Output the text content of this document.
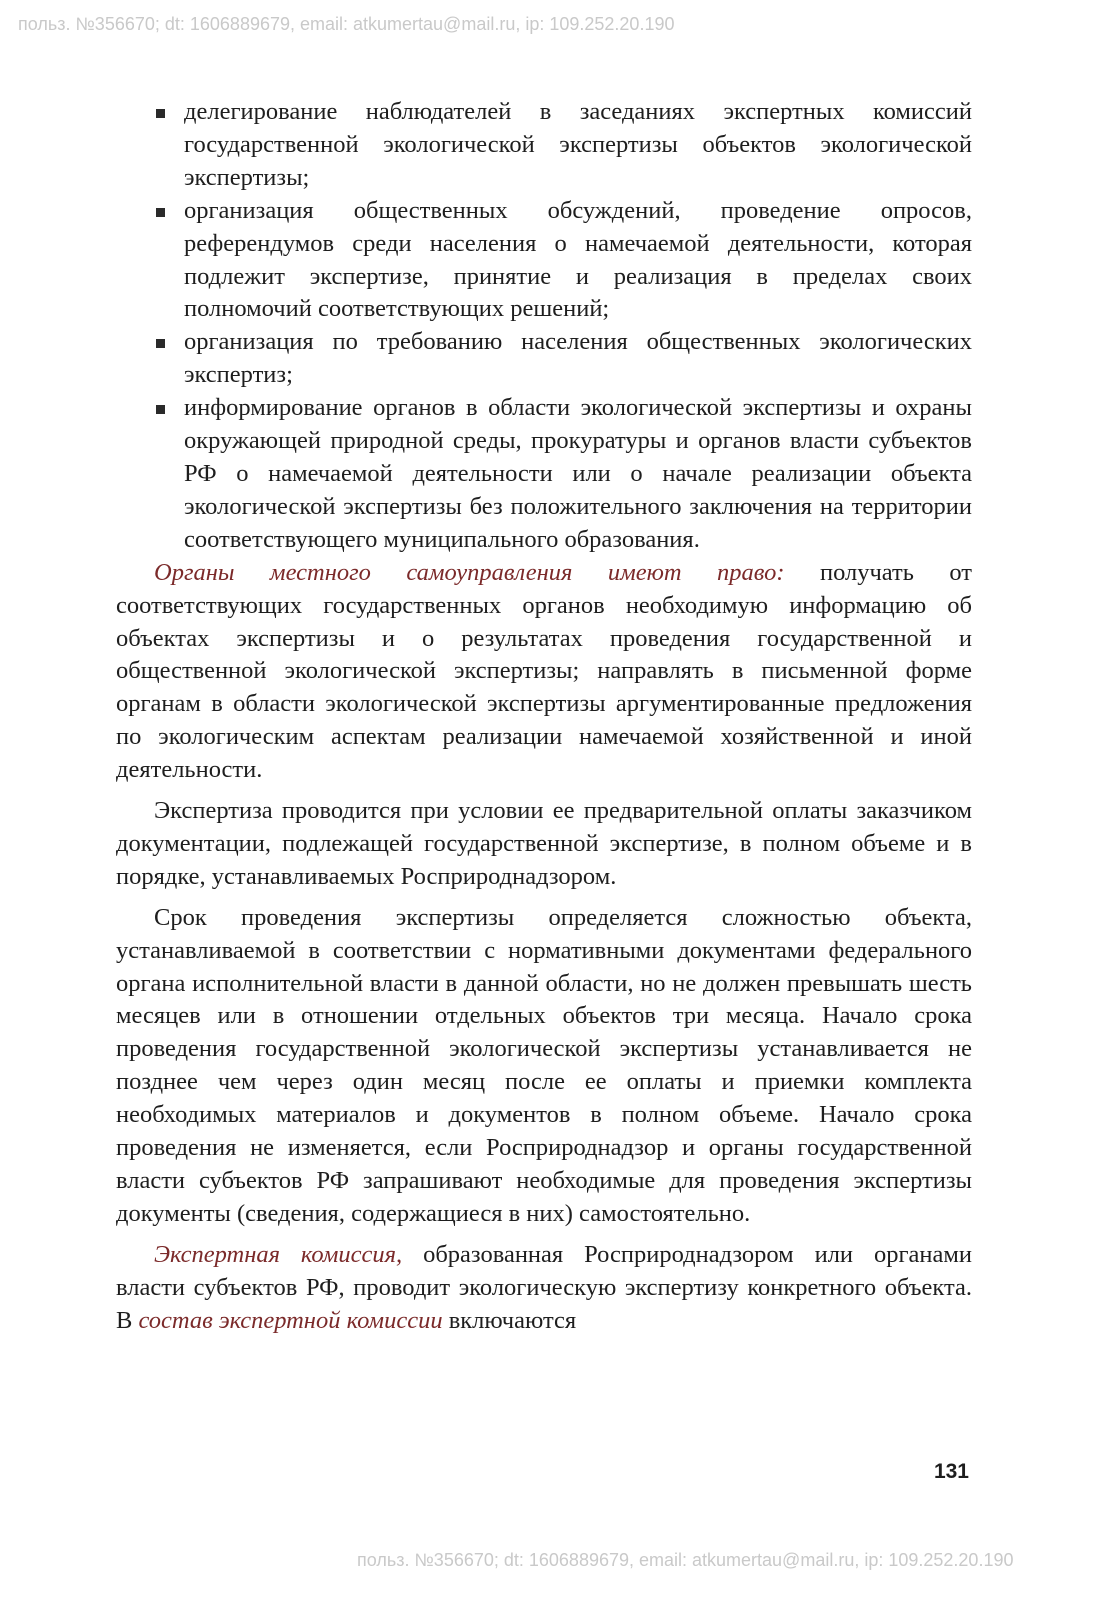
польз. №356670; dt: 1606889679, email: atkumertau@mail.ru, ip: 109.252.20.190
делегирование наблюдателей в заседаниях экспертных комиссий государственной экологической экспертизы объектов экологической экспертизы;
организация общественных обсуждений, проведение опросов, референдумов среди населения о намечаемой деятельности, которая подлежит экспертизе, принятие и реализация в пределах своих полномочий соответствующих решений;
организация по требованию населения общественных экологических экспертиз;
информирование органов в области экологической экспертизы и охраны окружающей природной среды, прокуратуры и органов власти субъектов РФ о намечаемой деятельности или о начале реализации объекта экологической экспертизы без положительного заключения на территории соответствующего муниципального образования.

Органы местного самоуправления имеют право: получать от соответствующих государственных органов необходимую информацию об объектах экспертизы и о результатах проведения государственной и общественной экологической экспертизы; направлять в письменной форме органам в области экологической экспертизы аргументированные предложения по экологическим аспектам реализации намечаемой хозяйственной и иной деятельности.

Экспертиза проводится при условии ее предварительной оплаты заказчиком документации, подлежащей государственной экспертизе, в полном объеме и в порядке, устанавливаемых Росприроднадзором.

Срок проведения экспертизы определяется сложностью объекта, устанавливаемой в соответствии с нормативными документами федерального органа исполнительной власти в данной области, но не должен превышать шесть месяцев или в отношении отдельных объектов три месяца. Начало срока проведения государственной экологической экспертизы устанавливается не позднее чем через один месяц после ее оплаты и приемки комплекта необходимых материалов и документов в полном объеме. Начало срока проведения не изменяется, если Росприроднадзор и органы государственной власти субъектов РФ запрашивают необходимые для проведения экспертизы документы (сведения, содержащиеся в них) самостоятельно.

Экспертная комиссия, образованная Росприроднадзором или органами власти субъектов РФ, проводит экологическую экспертизу конкретного объекта. В состав экспертной комиссии включаются

131
польз. №356670; dt: 1606889679, email: atkumertau@mail.ru, ip: 109.252.20.190
